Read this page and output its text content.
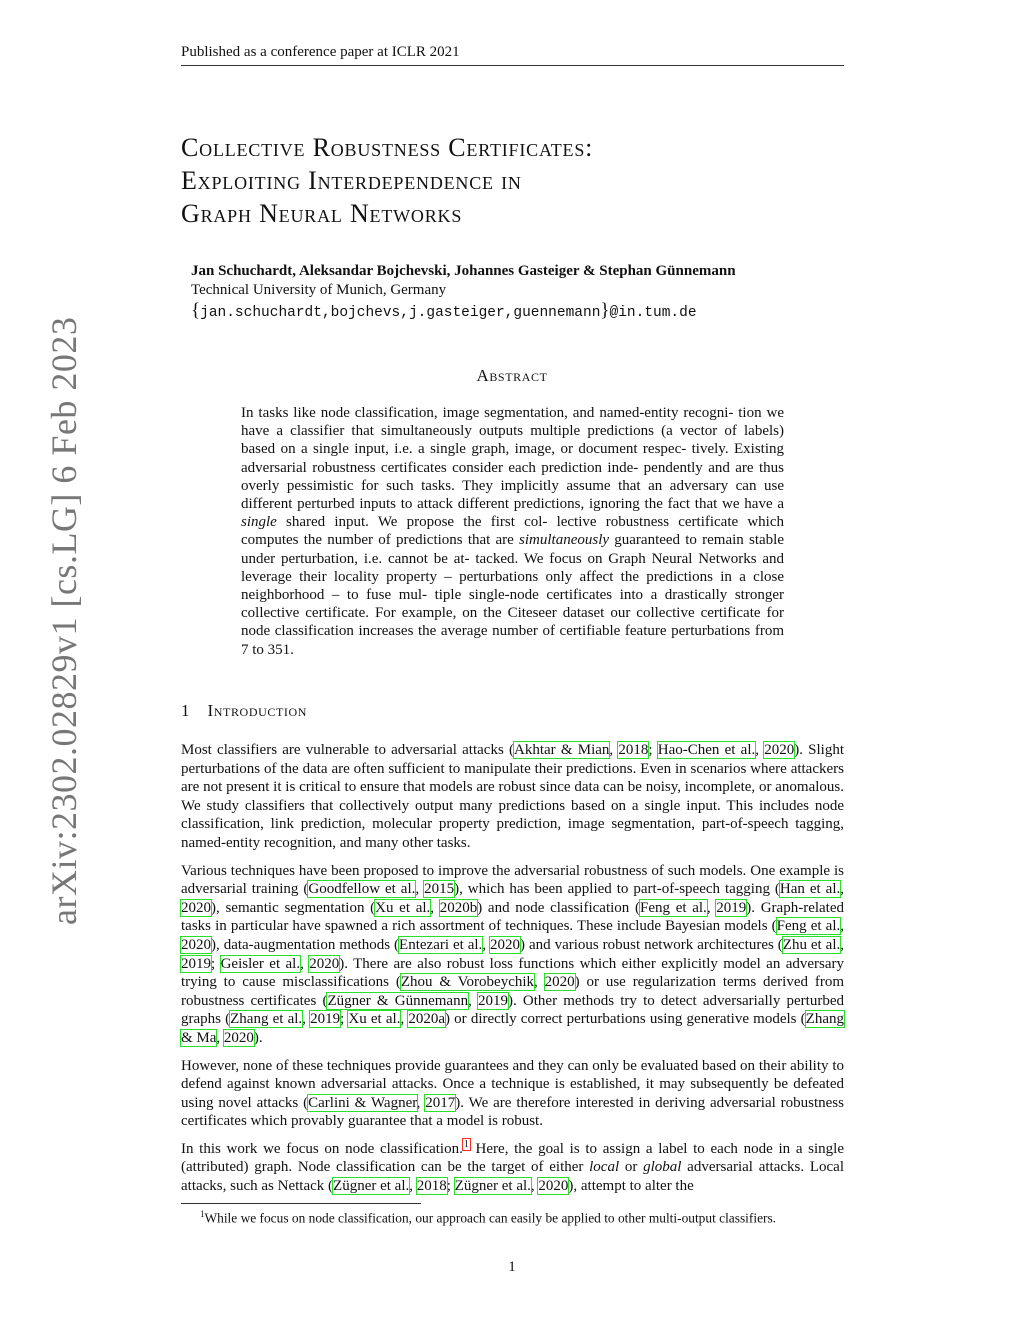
Published as a conference paper at ICLR 2021
arXiv:2302.02829v1 [cs.LG] 6 Feb 2023
Collective Robustness Certificates:
Exploiting Interdependence in
Graph Neural Networks
Jan Schuchardt, Aleksandar Bojchevski, Johannes Gasteiger & Stephan Günnemann
Technical University of Munich, Germany
{jan.schuchardt,bojchevs,j.gasteiger,guennemann}@in.tum.de
Abstract
In tasks like node classification, image segmentation, and named-entity recogni- tion we have a classifier that simultaneously outputs multiple predictions (a vector of labels) based on a single input, i.e. a single graph, image, or document respec- tively. Existing adversarial robustness certificates consider each prediction inde- pendently and are thus overly pessimistic for such tasks. They implicitly assume that an adversary can use different perturbed inputs to attack different predictions, ignoring the fact that we have a single shared input. We propose the first col- lective robustness certificate which computes the number of predictions that are simultaneously guaranteed to remain stable under perturbation, i.e. cannot be at- tacked. We focus on Graph Neural Networks and leverage their locality property – perturbations only affect the predictions in a close neighborhood – to fuse mul- tiple single-node certificates into a drastically stronger collective certificate. For example, on the Citeseer dataset our collective certificate for node classification increases the average number of certifiable feature perturbations from 7 to 351.
1 Introduction

Most classifiers are vulnerable to adversarial attacks (Akhtar & Mian, 2018; Hao-Chen et al., 2020). Slight perturbations of the data are often sufficient to manipulate their predictions. Even in scenarios where attackers are not present it is critical to ensure that models are robust since data can be noisy, incomplete, or anomalous. We study classifiers that collectively output many predictions based on a single input. This includes node classification, link prediction, molecular property prediction, image segmentation, part-of-speech tagging, named-entity recognition, and many other tasks.

Various techniques have been proposed to improve the adversarial robustness of such models. One example is adversarial training (Goodfellow et al., 2015), which has been applied to part-of-speech tagging (Han et al., 2020), semantic segmentation (Xu et al., 2020b) and node classification (Feng et al., 2019). Graph-related tasks in particular have spawned a rich assortment of techniques. These include Bayesian models (Feng et al., 2020), data-augmentation methods (Entezari et al., 2020) and various robust network architectures (Zhu et al., 2019; Geisler et al., 2020). There are also robust loss functions which either explicitly model an adversary trying to cause misclassifications (Zhou & Vorobeychik, 2020) or use regularization terms derived from robustness certificates (Zügner & Günnemann, 2019). Other methods try to detect adversarially perturbed graphs (Zhang et al., 2019; Xu et al., 2020a) or directly correct perturbations using generative models (Zhang & Ma, 2020).

However, none of these techniques provide guarantees and they can only be evaluated based on their ability to defend against known adversarial attacks. Once a technique is established, it may subsequently be defeated using novel attacks (Carlini & Wagner, 2017). We are therefore interested in deriving adversarial robustness certificates which provably guarantee that a model is robust.

In this work we focus on node classification.$^1$ Here, the goal is to assign a label to each node in a single (attributed) graph. Node classification can be the target of either local or global adversarial attacks. Local attacks, such as Nettack (Zügner et al., 2018; Zügner et al., 2020), attempt to alter the

$^1$While we focus on node classification, our approach can easily be applied to other multi-output classifiers.
1
